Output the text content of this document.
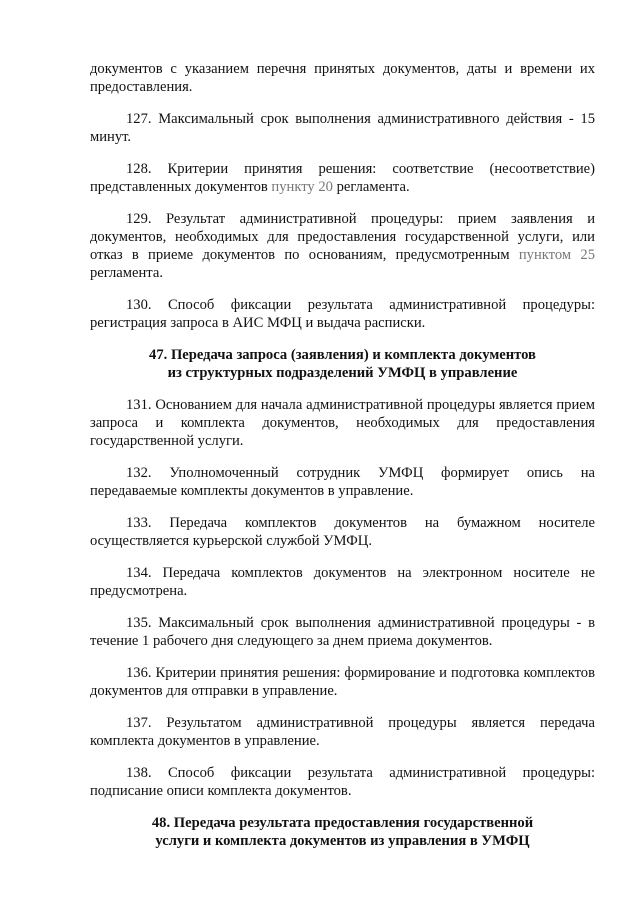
документов с указанием перечня принятых документов, даты и времени их предоставления.

127. Максимальный срок выполнения административного действия - 15 минут.

128. Критерии принятия решения: соответствие (несоответствие) представленных документов пункту 20 регламента.

129. Результат административной процедуры: прием заявления и документов, необходимых для предоставления государственной услуги, или отказ в приеме документов по основаниям, предусмотренным пунктом 25 регламента.

130. Способ фиксации результата административной процедуры: регистрация запроса в АИС МФЦ и выдача расписки.

47. Передача запроса (заявления) и комплекта документов
из структурных подразделений УМФЦ в управление

131. Основанием для начала административной процедуры является прием запроса и комплекта документов, необходимых для предоставления государственной услуги.

132. Уполномоченный сотрудник УМФЦ формирует опись на передаваемые комплекты документов в управление.

133. Передача комплектов документов на бумажном носителе осуществляется курьерской службой УМФЦ.

134. Передача комплектов документов на электронном носителе не предусмотрена.

135. Максимальный срок выполнения административной процедуры - в течение 1 рабочего дня следующего за днем приема документов.

136. Критерии принятия решения: формирование и подготовка комплектов документов для отправки в управление.

137. Результатом административной процедуры является передача комплекта документов в управление.

138. Способ фиксации результата административной процедуры: подписание описи комплекта документов.

48. Передача результата предоставления государственной
услуги и комплекта документов из управления в УМФЦ
